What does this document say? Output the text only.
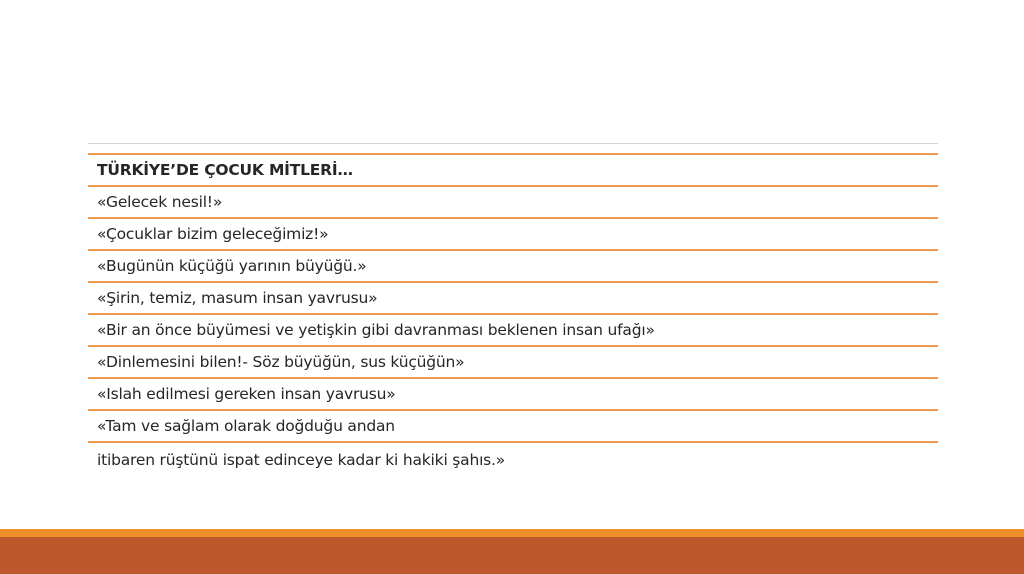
TÜRKİYE’DE ÇOCUK MİTLERİ…
«Gelecek nesil!»
«Çocuklar bizim geleceğimiz!»
«Bugünün küçüğü yarının büyüğü.»
«Şirin, temiz, masum insan yavrusu»
«Bir an önce büyümesi ve yetişkin gibi davranması beklenen insan ufağı»
«Dinlemesini bilen!- Söz büyüğün, sus küçüğün»
«Islah edilmesi gereken insan yavrusu»
«Tam ve sağlam olarak doğduğu andan
itibaren rüştünü ispat edinceye kadar ki hakiki şahıs.»
